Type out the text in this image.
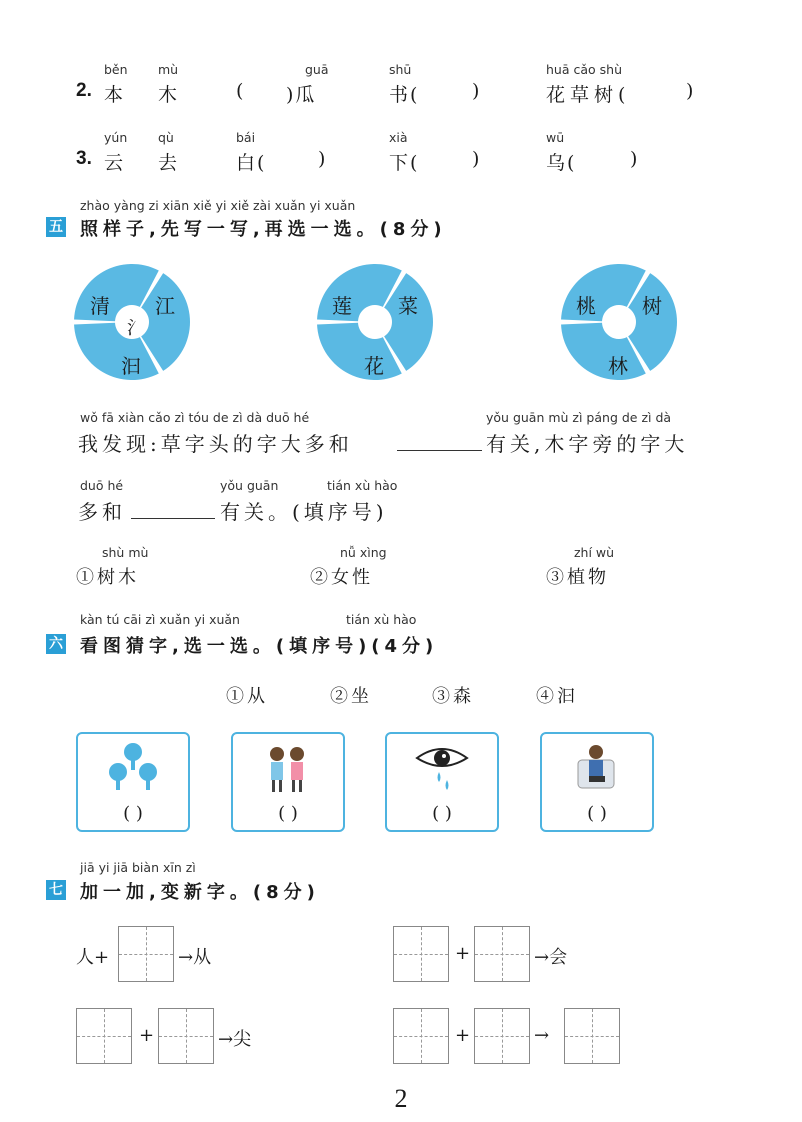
běn mù	guā	shū	huā cǎo shù
2. 本 木	( )瓜	书(	)	花草树(	)
yún qù	bái	xià	wū
3. 云 去	白(	)	下(	)	乌(	)
zhào yàng zi xiān xiě yi xiě zài xuǎn yi xuǎn
五 照样子,先写一写,再选一选。(8分)
清 江
汩
氵
莲 菜
花
桃 树
林
wǒ fā xiàn cǎo zì tóu de zì dà duō hé	yǒu guān mù zì páng de zì dà
我发现:草字头的字大多和	有关,木字旁的字大
duō hé	yǒu guān	tián xù hào
多和	有关。(填序号)
shù mù	nǚ xìng	zhí wù
①树木	②女性	③植物
kàn tú cāi zì xuǎn yi xuǎn	tián xù hào
六 看图猜字,选一选。(填序号)(4分)
①从	②坐	③森	④汩
( )	( )	( )	( )
jiā yi jiā biàn xīn zì
七 加一加,变新字。(8分)
人+	→从	+	→会
+	→尖	+	→
2
